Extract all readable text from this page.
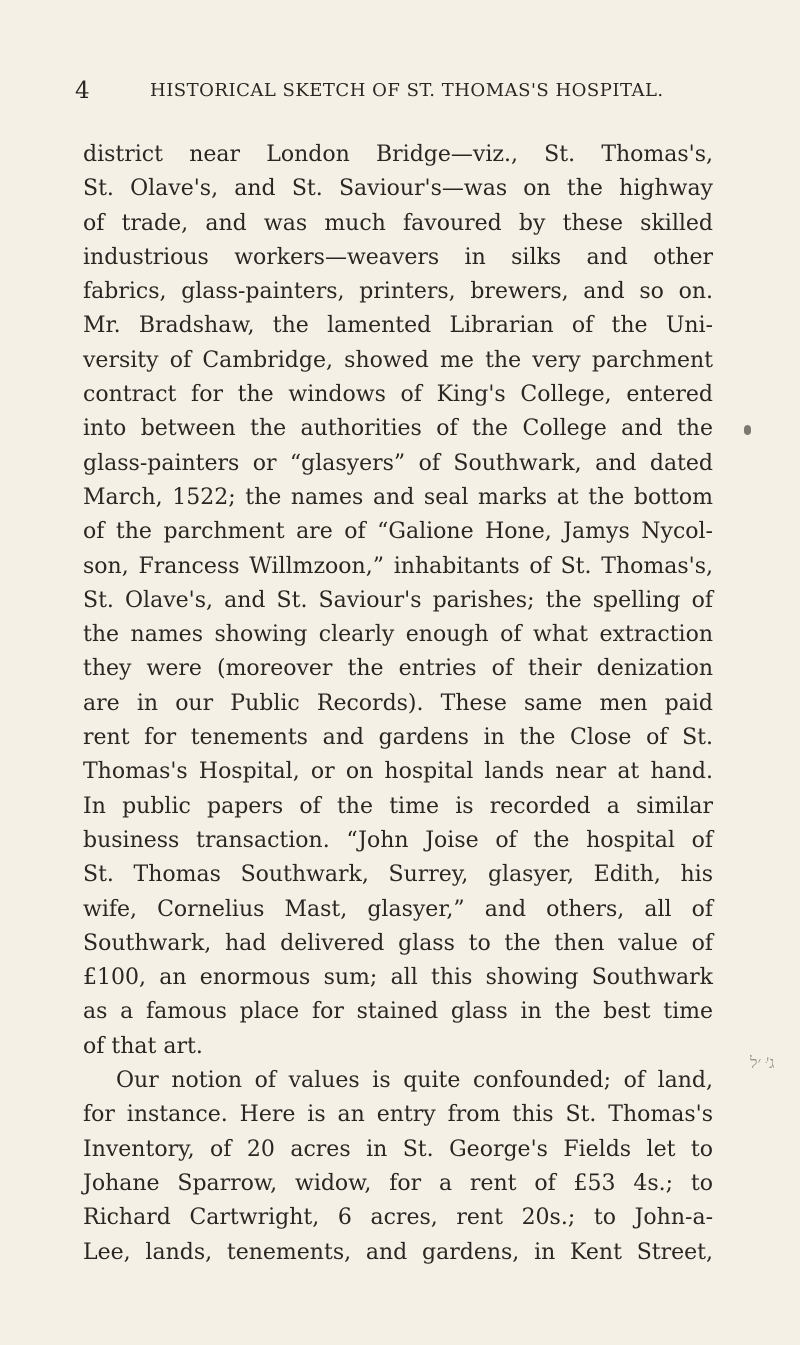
4	HISTORICAL SKETCH OF ST. THOMAS'S HOSPITAL.
district near London Bridge—viz., St. Thomas's,
St. Olave's, and St. Saviour's—was on the highway
of trade, and was much favoured by these skilled
industrious workers—weavers in silks and other
fabrics, glass-painters, printers, brewers, and so on.
Mr. Bradshaw, the lamented Librarian of the Uni-
versity of Cambridge, showed me the very parchment
contract for the windows of King's College, entered
into between the authorities of the College and the
glass-painters or “glasyers” of Southwark, and dated
March, 1522; the names and seal marks at the bottom
of the parchment are of “Galione Hone, Jamys Nycol-
son, Francess Willmzoon,” inhabitants of St. Thomas's,
St. Olave's, and St. Saviour's parishes; the spelling of
the names showing clearly enough of what extraction
they were (moreover the entries of their denization
are in our Public Records). These same men paid
rent for tenements and gardens in the Close of St.
Thomas's Hospital, or on hospital lands near at hand.
In public papers of the time is recorded a similar
business transaction. “John Joise of the hospital of
St. Thomas Southwark, Surrey, glasyer, Edith, his
wife, Cornelius Mast, glasyer,” and others, all of
Southwark, had delivered glass to the then value of
£100, an enormous sum; all this showing Southwark
as a famous place for stained glass in the best time
of that art.
Our notion of values is quite confounded; of land,
for instance. Here is an entry from this St. Thomas's
Inventory, of 20 acres in St. George's Fields let to
Johane Sparrow, widow, for a rent of £53 4s.; to
Richard Cartwright, 6 acres, rent 20s.; to John-a-
Lee, lands, tenements, and gardens, in Kent Street,
ג'ּ ׳ל
